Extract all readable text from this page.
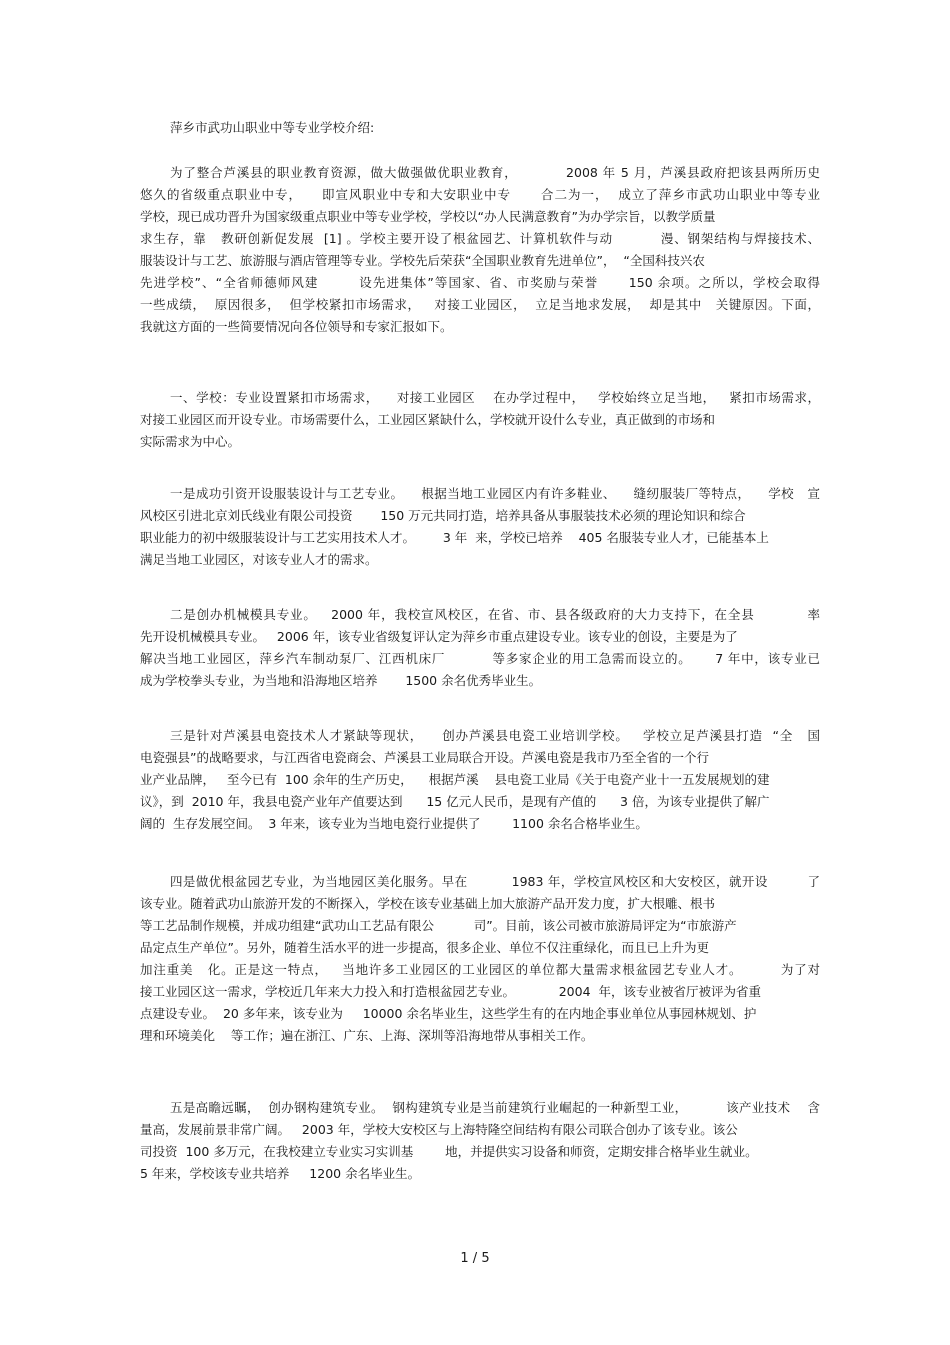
萍乡市武功山职业中等专业学校介绍:
为了整合芦溪县的职业教育资源，做大做强做优职业教育，          2008 年 5 月，芦溪县政府把该县两所历史
悠久的省级重点职业中专，    即宣风职业中专和大安职业中专      合二为一，  成立了萍乡市武功山职业中等专业
学校，现已成功晋升为国家级重点职业中等专业学校，学校以“办人民满意教育”为办学宗旨，以教学质量
求生存，靠   教研创新促发展  [1] 。学校主要开设了根盆园艺、计算机软件与动          漫、钢架结构与焊接技术、
服装设计与工艺、旅游服与酒店管理等专业。学校先后荣获“全国职业教育先进单位”，  “全国科技兴农
先进学校”、“全省师德师风建        设先进集体”等国家、省、市奖励与荣誉      150 余项。之所以，学校会取得
一些成绩，  原因很多，  但学校紧扣市场需求，   对接工业园区，  立足当地求发展，  却是其中   关键原因。下面，
我就这方面的一些简要情况向各位领导和专家汇报如下。
一、学校：专业设置紧扣市场需求，    对接工业园区    在办学过程中，   学校始终立足当地，   紧扣市场需求，
对接工业园区而开设专业。市场需要什么，工业园区紧缺什么，学校就开设什么专业，真正做到的市场和
实际需求为中心。
一是成功引资开设服装设计与工艺专业。    根据当地工业园区内有许多鞋业、    缝纫服装厂等特点，    学校   宣
风校区引进北京刘氏线业有限公司投资       150 万元共同打造，培养具备从事服装技术必须的理论知识和综合
职业能力的初中级服装设计与工艺实用技术人才。       3 年  来，学校已培养    405 名服装专业人才，已能基本上
满足当地工业园区，对该专业人才的需求。
二是创办机械模具专业。   2000 年，我校宣风校区，在省、市、县各级政府的大力支持下，在全县           率
先开设机械模具专业。   2006 年，该专业省级复评认定为萍乡市重点建设专业。该专业的创设，主要是为了
解决当地工业园区，萍乡汽车制动泵厂、江西机床厂          等多家企业的用工急需而设立的。     7 年中，该专业已
成为学校拳头专业，为当地和沿海地区培养       1500 余名优秀毕业生。
三是针对芦溪县电瓷技术人才紧缺等现状，    创办芦溪县电瓷工业培训学校。   学校立足芦溪县打造  “全   国
电瓷强县”的战略要求，与江西省电瓷商会、芦溪县工业局联合开设。芦溪电瓷是我市乃至全省的一个行
业产业品牌，   至今已有  100 余年的生产历史，    根据芦溪    县电瓷工业局《关于电瓷产业十一五发展规划的建
议》，到  2010 年，我县电瓷产业年产值要达到      15 亿元人民币，是现有产值的      3 倍，为该专业提供了解广
阔的  生存发展空间。  3 年来，该专业为当地电瓷行业提供了        1100 余名合格毕业生。
四是做优根盆园艺专业，为当地园区美化服务。早在          1983 年，学校宣风校区和大安校区，就开设         了
该专业。随着武功山旅游开发的不断探入，学校在该专业基础上加大旅游产品开发力度，扩大根雕、根书
等工艺品制作规模，并成功组建“武功山工艺品有限公          司”。目前，该公司被市旅游局评定为“市旅游产
品定点生产单位”。另外，随着生活水平的进一步提高，很多企业、单位不仅注重绿化，而且已上升为更
加注重美   化。正是这一特点，   当地许多工业园区的工业园区的单位都大量需求根盆园艺专业人才。        为了对
接工业园区这一需求，学校近几年来大力投入和打造根盆园艺专业。           2004  年，该专业被省厅被评为省重
点建设专业。  20 多年来，该专业为     10000 余名毕业生，这些学生有的在内地企事业单位从事园林规划、护
理和环境美化    等工作；遍在浙江、广东、上海、深圳等沿海地带从事相关工作。
五是高瞻远瞩，  创办钢构建筑专业。  钢构建筑专业是当前建筑行业崛起的一种新型工业，         该产业技术    含
量高，发展前景非常广阔。   2003 年，学校大安校区与上海特隆空间结构有限公司联合创办了该专业。该公
司投资  100 多万元，在我校建立专业实习实训基        地，并提供实习设备和师资，定期安排合格毕业生就业。
5 年来，学校该专业共培养     1200 余名毕业生。
1 / 5
